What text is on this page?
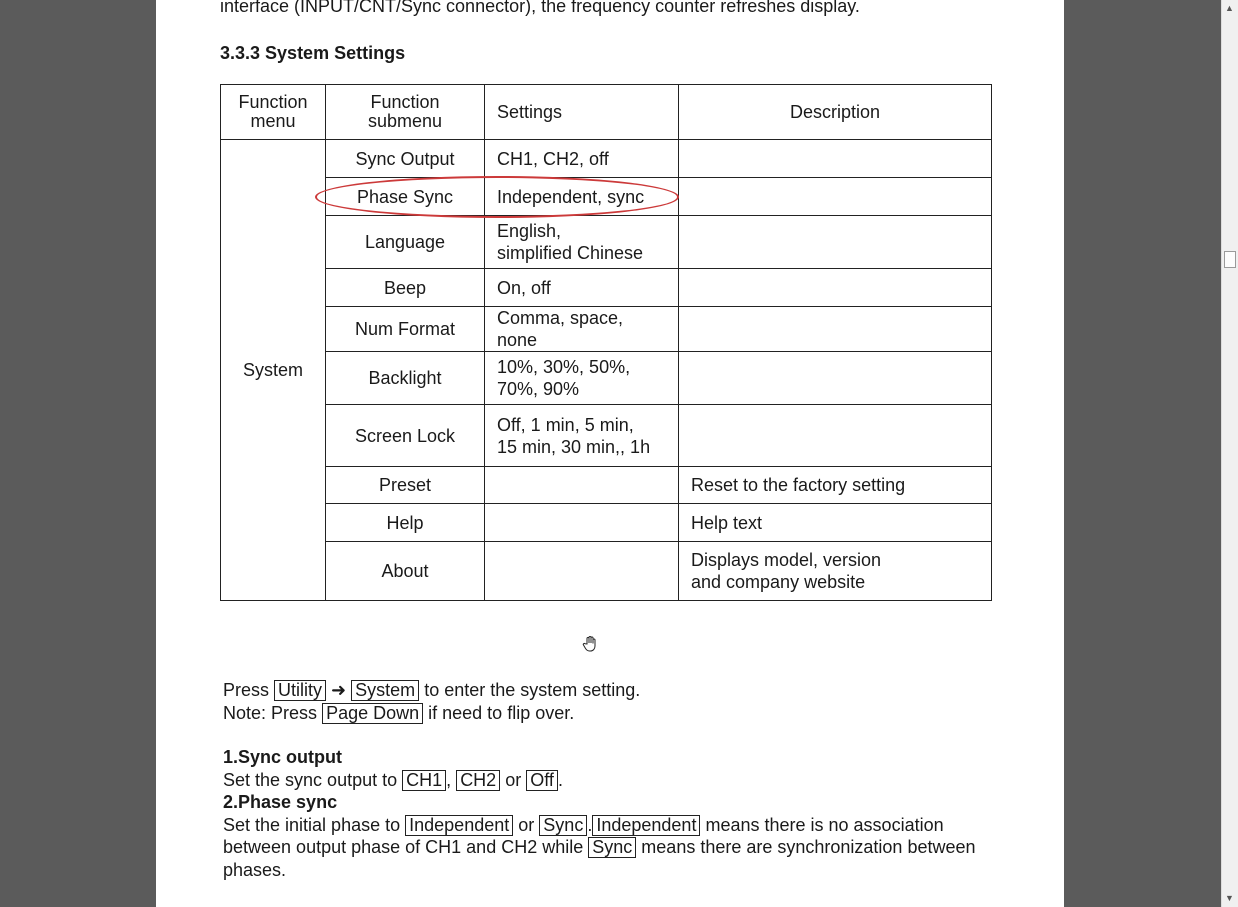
interface (INPUT/CNT/Sync connector), the frequency counter refreshes display.
3.3.3 System Settings
Function menu	Function submenu	Settings	Description
System	Sync Output	CH1, CH2, off	
	Phase Sync	Independent, sync	
	Language	English,
simplified Chinese	
	Beep	On, off	
	Num Format	Comma, space, none	
	Backlight	10%, 30%, 50%,
70%, 90%	
	Screen Lock	Off, 1 min, 5 min,
15 min, 30 min,, 1h	
	Preset		Reset to the factory setting
	Help		Help text
	About		Displays model, version
and company website
Press Utility ➜ System to enter the system setting.
Note: Press Page Down if need to flip over.
1.Sync output
Set the sync output to CH1 , CH2 or Off .
2.Phase sync
Set the initial phase to Independent or Sync . Independent means there is no association
between output phase of CH1 and CH2 while Sync means there are synchronization between
phases.
▲
▼
